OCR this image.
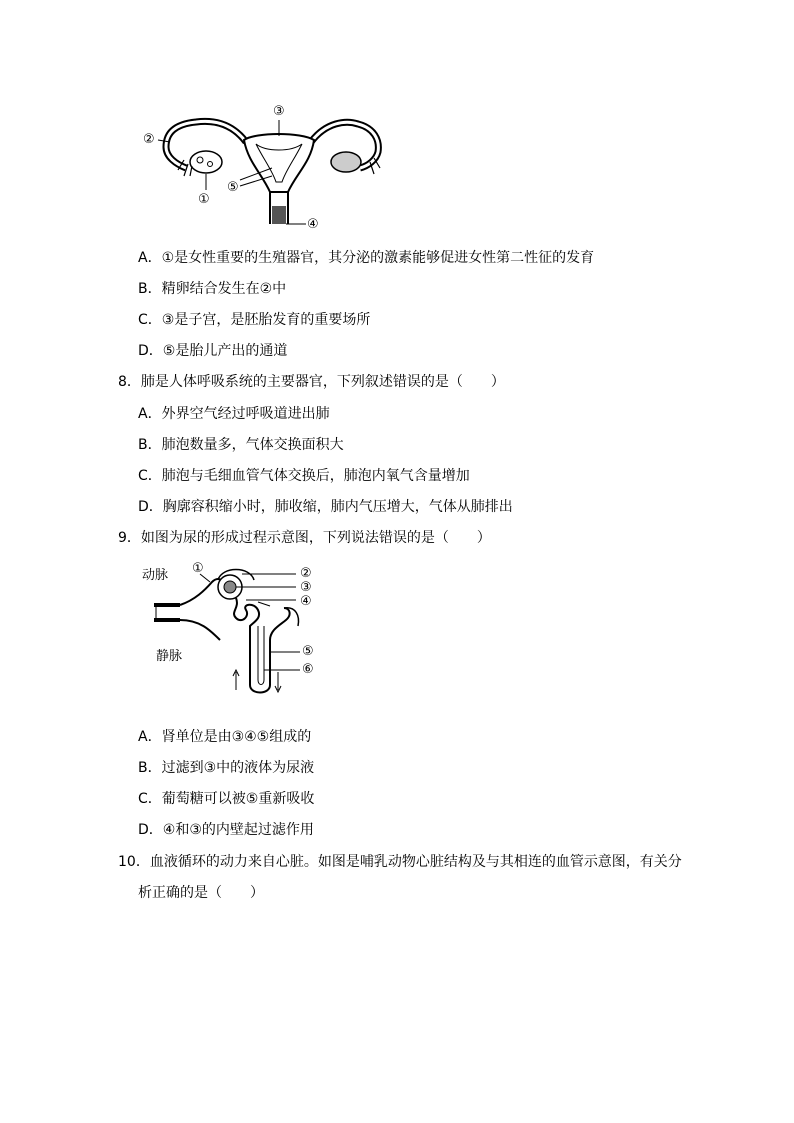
③
②
⑤
①
④
A．①是女性重要的生殖器官，其分泌的激素能够促进女性第二性征的发育
B．精卵结合发生在②中
C．③是子宫，是胚胎发育的重要场所
D．⑤是胎儿产出的通道
8．肺是人体呼吸系统的主要器官，下列叙述错误的是（　　）
A．外界空气经过呼吸道进出肺
B．肺泡数量多，气体交换面积大
C．肺泡与毛细血管气体交换后，肺泡内氧气含量增加
D．胸廓容积缩小时，肺收缩，肺内气压增大，气体从肺排出
9．如图为尿的形成过程示意图，下列说法错误的是（　　）
动脉
静脉
①	②
③
④
⑤
⑥
A．肾单位是由③④⑤组成的
B．过滤到③中的液体为尿液
C．葡萄糖可以被⑤重新吸收
D．④和③的内壁起过滤作用
10．血液循环的动力来自心脏。如图是哺乳动物心脏结构及与其相连的血管示意图，有关分
析正确的是（　　）
